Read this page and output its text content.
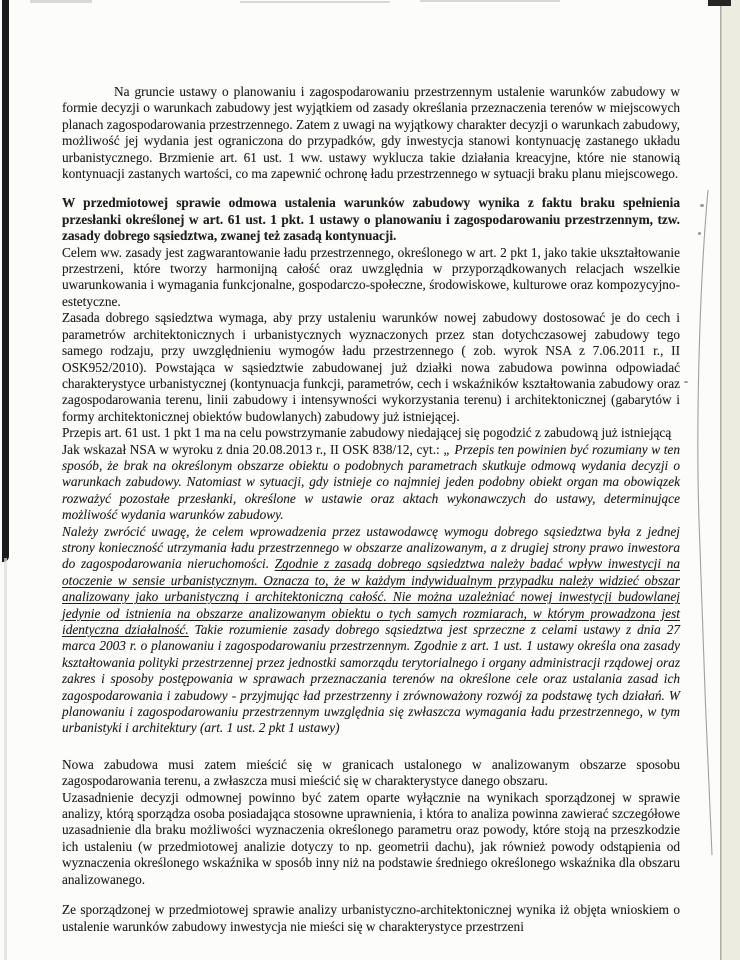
Na gruncie ustawy o planowaniu i zagospodarowaniu przestrzennym ustalenie warunków zabudowy w formie decyzji o warunkach zabudowy jest wyjątkiem od zasady określania przeznaczenia terenów w miejscowych planach zagospodarowania przestrzennego. Zatem z uwagi na wyjątkowy charakter decyzji o warunkach zabudowy, możliwość jej wydania jest ograniczona do przypadków, gdy inwestycja stanowi kontynuację zastanego układu urbanistycznego. Brzmienie art. 61 ust. 1 ww. ustawy wyklucza takie działania kreacyjne, które nie stanowią kontynuacji zastanych wartości, co ma zapewnić ochronę ładu przestrzennego w sytuacji braku planu miejscowego.

W przedmiotowej sprawie odmowa ustalenia warunków zabudowy wynika z faktu braku spełnienia przesłanki określonej w art. 61 ust. 1 pkt. 1 ustawy o planowaniu i zagospodarowaniu przestrzennym, tzw. zasady dobrego sąsiedztwa, zwanej też zasadą kontynuacji.

Celem ww. zasady jest zagwarantowanie ładu przestrzennego, określonego w art. 2 pkt 1, jako takie ukształtowanie przestrzeni, które tworzy harmonijną całość oraz uwzględnia w przyporządkowanych relacjach wszelkie uwarunkowania i wymagania funkcjonalne, gospodarczo-społeczne, środowiskowe, kulturowe oraz kompozycyjno-estetyczne.

Zasada dobrego sąsiedztwa wymaga, aby przy ustaleniu warunków nowej zabudowy dostosować je do cech i parametrów architektonicznych i urbanistycznych wyznaczonych przez stan dotychczasowej zabudowy tego samego rodzaju, przy uwzględnieniu wymogów ładu przestrzennego ( zob. wyrok NSA z 7.06.2011 r., II OSK952/2010). Powstająca w sąsiedztwie zabudowanej już działki nowa zabudowa powinna odpowiadać charakterystyce urbanistycznej (kontynuacja funkcji, parametrów, cech i wskaźników kształtowania zabudowy oraz zagospodarowania terenu, linii zabudowy i intensywności wykorzystania terenu) i architektonicznej (gabarytów i formy architektonicznej obiektów budowlanych) zabudowy już istniejącej.

Przepis art. 61 ust. 1 pkt 1 ma na celu powstrzymanie zabudowy niedającej się pogodzić z zabudową już istniejącą

Jak wskazał NSA w wyroku z dnia 20.08.2013 r., II OSK 838/12, cyt.: „ Przepis ten powinien być rozumiany w ten sposób, że brak na określonym obszarze obiektu o podobnych parametrach skutkuje odmową wydania decyzji o warunkach zabudowy. Natomiast w sytuacji, gdy istnieje co najmniej jeden podobny obiekt organ ma obowiązek rozważyć pozostałe przesłanki, określone w ustawie oraz aktach wykonawczych do ustawy, determinujące możliwość wydania warunków zabudowy.

Należy zwrócić uwagę, że celem wprowadzenia przez ustawodawcę wymogu dobrego sąsiedztwa była z jednej strony konieczność utrzymania ładu przestrzennego w obszarze analizowanym, a z drugiej strony prawo inwestora do zagospodarowania nieruchomości. Zgodnie z zasadą dobrego sąsiedztwa należy badać wpływ inwestycji na otoczenie w sensie urbanistycznym. Oznacza to, że w każdym indywidualnym przypadku należy widzieć obszar analizowany jako urbanistyczną i architektoniczną całość. Nie można uzależniać nowej inwestycji budowlanej jedynie od istnienia na obszarze analizowanym obiektu o tych samych rozmiarach, w którym prowadzona jest identyczna działalność. Takie rozumienie zasady dobrego sąsiedztwa jest sprzeczne z celami ustawy z dnia 27 marca 2003 r. o planowaniu i zagospodarowaniu przestrzennym. Zgodnie z art. 1 ust. 1 ustawy określa ona zasady kształtowania polityki przestrzennej przez jednostki samorządu terytorialnego i organy administracji rządowej oraz zakres i sposoby postępowania w sprawach przeznaczania terenów na określone cele oraz ustalania zasad ich zagospodarowania i zabudowy - przyjmując ład przestrzenny i zrównoważony rozwój za podstawę tych działań. W planowaniu i zagospodarowaniu przestrzennym uwzględnia się zwłaszcza wymagania ładu przestrzennego, w tym urbanistyki i architektury (art. 1 ust. 2 pkt 1 ustawy)

Nowa zabudowa musi zatem mieścić się w granicach ustalonego w analizowanym obszarze sposobu zagospodarowania terenu, a zwłaszcza musi mieścić się w charakterystyce danego obszaru.

Uzasadnienie decyzji odmownej powinno być zatem oparte wyłącznie na wynikach sporządzonej w sprawie analizy, którą sporządza osoba posiadająca stosowne uprawnienia, i która to analiza powinna zawierać szczegółowe uzasadnienie dla braku możliwości wyznaczenia określonego parametru oraz powody, które stoją na przeszkodzie ich ustaleniu (w przedmiotowej analizie dotyczy to np. geometrii dachu), jak również powody odstąpienia od wyznaczenia określonego wskaźnika w sposób inny niż na podstawie średniego określonego wskaźnika dla obszaru analizowanego.

Ze sporządzonej w przedmiotowej sprawie analizy urbanistyczno-architektonicznej wynika iż objęta wnioskiem o ustalenie warunków zabudowy inwestycja nie mieści się w charakterystyce przestrzeni
